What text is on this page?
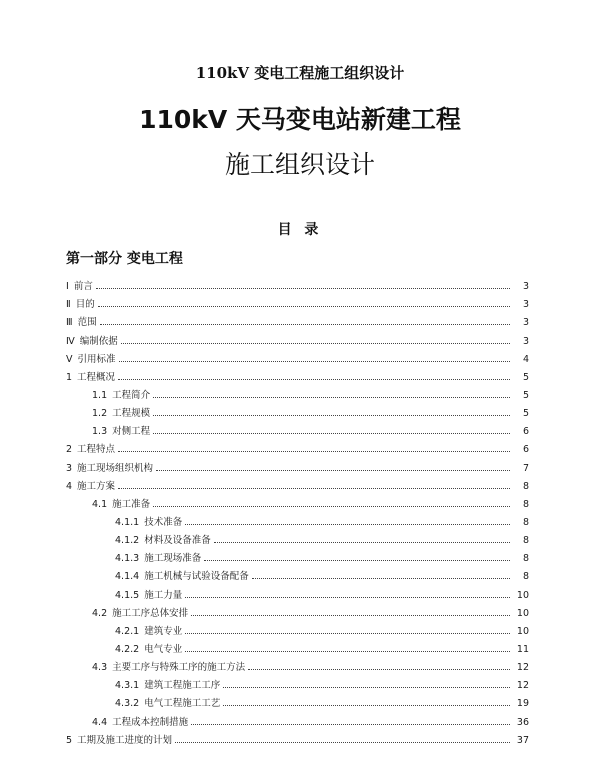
110kV 变电工程施工组织设计
110kV 天马变电站新建工程
施工组织设计
目 录
第一部分 变电工程
Ⅰ 前言	3
Ⅱ 目的	3
Ⅲ 范围	3
Ⅳ 编制依据	3
Ⅴ 引用标准	4
1 工程概况	5
1.1 工程简介	5
1.2 工程规模	5
1.3 对侧工程	6
2 工程特点	6
3 施工现场组织机构	7
4 施工方案	8
4.1 施工准备	8
4.1.1 技术准备	8
4.1.2 材料及设备准备	8
4.1.3 施工现场准备	8
4.1.4 施工机械与试验设备配备	8
4.1.5 施工力量	10
4.2 施工工序总体安排	10
4.2.1 建筑专业	10
4.2.2 电气专业	11
4.3 主要工序与特殊工序的施工方法	12
4.3.1 建筑工程施工工序	12
4.3.2 电气工程施工工艺	19
4.4 工程成本控制措施	36
5 工期及施工进度的计划	37
